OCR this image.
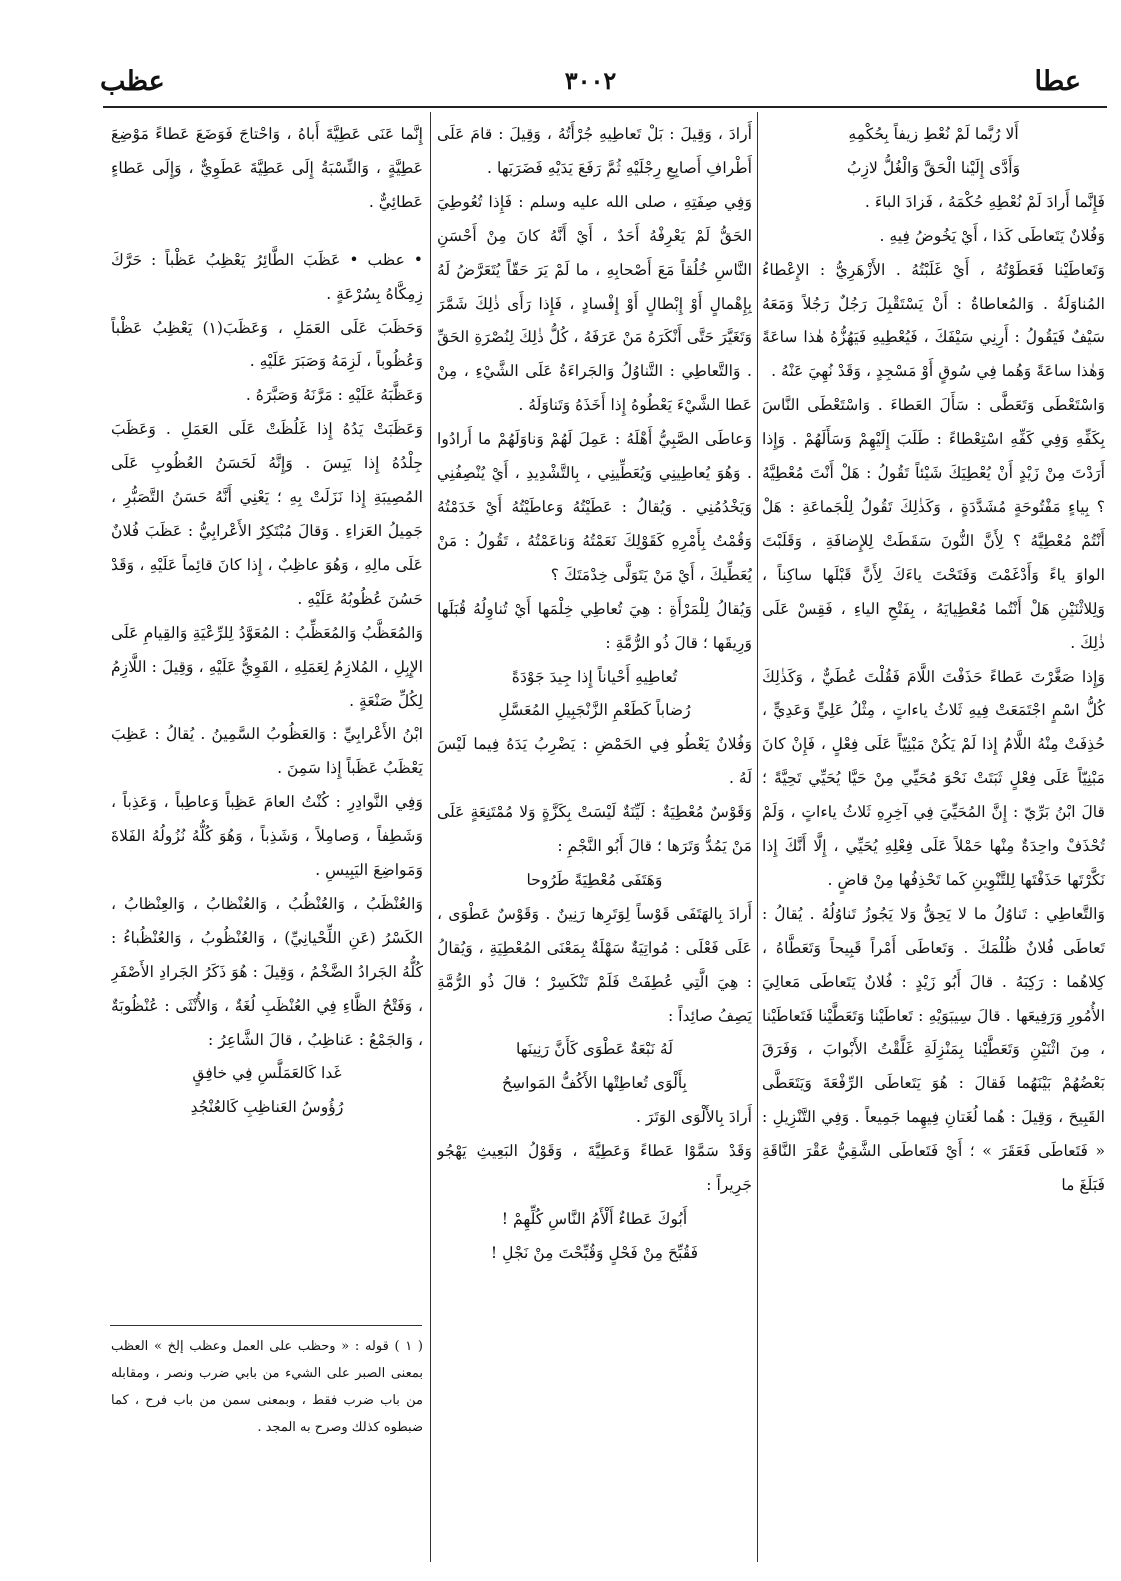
عطا
٣٠٠٢
عظب

أَلا رُبَّما لَمْ نُعْطِ زيفاً بِحُكْمِهِ

وَأَدَّى إِلَيْنا الْحَقَّ وَالْغُلُّ لازِبُ

فَإِنَّما أَرادَ لَمْ نُعْطِهِ حُكْمَهُ ، فَزادَ الباءَ .

وَفُلانٌ يَتَعاطَى كَذا ، أَيْ يَخُوضُ فِيهِ .

وَتَعاطَيْنا فَعَطَوْتُهُ ، أَيْ غَلَبْتُهُ . الأَزْهَرِيُّ : الإِعْطاءُ المُناوَلَةُ . وَالمُعاطاةُ : أَنْ يَسْتَقْبِلَ رَجُلٌ رَجُلاً وَمَعَهُ سَيْفٌ فَيَقُولُ : أَرِنِي سَيْفَكَ ، فَيُعْطِيهِ فَيَهُزُّهُ هٰذا ساعَةً وَهٰذا ساعَةً وَهُما فِي سُوقٍ أَوْ مَسْجِدٍ ، وَقَدْ نُهِيَ عَنْهُ .

وَاسْتَعْطَى وَتَعَطَّى : سَأَلَ العَطاءَ . وَاسْتَعْطَى النَّاسَ بِكَفِّهِ وَفِي كَفِّهِ اسْتِعْطاءً : طَلَبَ إِلَيْهِمْ وَسَأَلَهُمْ . وَإِذا أَرَدْتَ مِنْ زَيْدٍ أَنْ يُعْطِيَكَ شَيْئاً تَقُولُ : هَلْ أَنْتَ مُعْطِيَّهُ ؟ بِياءٍ مَفْتُوحَةٍ مُشَدَّدَةٍ ، وَكَذٰلِكَ تَقُولُ لِلْجَماعَةِ : هَلْ أَنْتُمْ مُعْطِيَّهُ ؟ لِأَنَّ النُّونَ سَقَطَتْ لِلإِضافَةِ ، وَقَلَبْتَ الواوَ ياءً وَأَدْغَمْتَ وَفَتَحْتَ ياءَكَ لِأَنَّ قَبْلَها ساكِناً ، وَلِلاثْنَيْنِ هَلْ أَنْتُما مُعْطِيايَهُ ، بِفَتْحِ الياءِ ، فَقِسْ عَلَى ذٰلِكَ .

وَإِذا صَغَّرْتَ عَطاءً حَذَفْتَ اللَّامَ فَقُلْتَ عُطَيٌّ ، وَكَذٰلِكَ كُلُّ اسْمٍ اجْتَمَعَتْ فِيهِ ثَلاثُ ياءاتٍ ، مِثْلُ عَلِيٍّ وَعَدِيٍّ ، حُذِفَتْ مِنْهُ اللَّامُ إِذا لَمْ يَكُنْ مَبْنِيّاً عَلَى فِعْلٍ ، فَإِنْ كانَ مَبْنِيّاً عَلَى فِعْلٍ ثَبَتَتْ نَحْوَ مُحَيِّي مِنْ حَيَّا يُحَيِّي تَحِيَّةً ؛ قالَ ابْنُ بَرِّيّ : إِنَّ المُحَيِّيَ فِي آخِرِهِ ثَلاثُ ياءاتٍ ، وَلَمْ تُحْذَفْ واحِدَةٌ مِنْها حَمْلاً عَلَى فِعْلِهِ يُحَيِّي ، إِلَّا أَنَّكَ إِذا نَكَّرْتَها حَذَفْتَها لِلتَّنْوِينِ كَما تَحْذِفُها مِنْ قاضٍ .

وَالتَّعاطِي : تَناوُلُ ما لا يَحِقُّ وَلا يَجُوزُ تَناوُلُهُ . يُقالُ : تَعاطَى فُلانٌ ظُلْمَكَ . وَتَعاطَى أَمْراً قَبِيحاً وَتَعَطَّاهُ ، كِلاهُما : رَكِبَهُ . قالَ أَبُو زَيْدٍ : فُلانٌ يَتَعاطَى مَعالِيَ الأُمُورِ وَرَفِيعَها . قالَ سِيبَوَيْهِ : تَعاطَيْنا وَتَعَطَّيْنا فَتَعاطَيْنا ، مِنَ اثْنَيْنِ وَتَعَطَّيْنا بِمَنْزِلَةِ غَلَّقْتُ الأَبْوابَ ، وَفَرَقَ بَعْضُهُمْ بَيْنَهُما فَقالَ : هُوَ يَتَعاطَى الرِّفْعَةَ وَيَتَعَطَّى القَبِيحَ ، وَقِيلَ : هُما لُغَتانِ فِيهِما جَمِيعاً . وَفِي التَّنْزِيلِ : « فَتَعاطَى فَعَقَرَ » ؛ أَيْ فَتَعاطَى الشَّقِيُّ عَقْرَ النَّاقَةِ فَبَلَغَ ما

أَرادَ ، وَقِيلَ : بَلْ تَعاطِيهِ جُرْأَتُهُ ، وَقِيلَ : قامَ عَلَى أَطْرافِ أَصابِعِ رِجْلَيْهِ ثُمَّ رَفَعَ يَدَيْهِ فَضَرَبَها .

وَفِي صِفَتِهِ ، صلى الله عليه وسلم : فَإِذا تُعُوطِيَ الحَقُّ لَمْ يَعْرِفْهُ أَحَدٌ ، أَيْ أَنَّهُ كانَ مِنْ أَحْسَنِ النَّاسِ خُلُقاً مَعَ أَصْحابِهِ ، ما لَمْ يَرَ حَقّاً يُتَعَرَّضُ لَهُ بِإِهْمالٍ أَوْ إِبْطالٍ أَوْ إِفْسادٍ ، فَإِذا رَأَى ذٰلِكَ شَمَّرَ وَتَغَيَّرَ حَتَّى أَنْكَرَهُ مَنْ عَرَفَهُ ، كُلُّ ذٰلِكَ لِنُصْرَةِ الحَقِّ . وَالتَّعاطِي : التَّناوُلُ وَالجَراءَةُ عَلَى الشَّيْءِ ، مِنْ عَطا الشَّيْءَ يَعْطُوهُ إِذا أَخَذَهُ وَتَناوَلَهُ .

وَعاطَى الصَّبِيُّ أَهْلَهُ : عَمِلَ لَهُمْ وَناوَلَهُمْ ما أَرادُوا . وَهُوَ يُعاطِينِي وَيُعَطِّينِي ، بِالتَّشْدِيدِ ، أَيْ يُنْصِفُنِي وَيَخْدُمُنِي . وَيُقالُ : عَطَيْتُهُ وَعاطَيْتُهُ أَيْ خَدَمْتُهُ وَقُمْتُ بِأَمْرِهِ كَقَوْلِكَ نَعَمْتُهُ وَناعَمْتُهُ ، تَقُولُ : مَنْ يُعَطِّيكَ ، أَيْ مَنْ يَتَوَلَّى خِدْمَتَكَ ؟

وَيُقالُ لِلْمَرْأَةِ : هِيَ تُعاطِي خِلْمَها أَيْ تُناوِلُهُ قُبَلَها وَرِيقَها ؛ قالَ ذُو الرُّمَّةِ :

تُعاطِيهِ أَحْياناً إِذا جِيدَ جَوْدَةً

رُضاباً كَطَعْمِ الزَّنْجَبِيلِ المُعَسَّلِ

وَفُلانٌ يَعْطُو فِي الحَمْضِ : يَضْرِبُ يَدَهُ فِيما لَيْسَ لَهُ .

وَقَوْسٌ مُعْطِيَةٌ : لَيِّنَةٌ لَيْسَتْ بِكَزَّةٍ وَلا مُمْتَنِعَةٍ عَلَى مَنْ يَمُدُّ وَتَرَها ؛ قالَ أَبُو النَّجْمِ :

وَهَتَفَى مُعْطِيَةً طَرُوحا

أَرادَ بِالهَتَفَى قَوْساً لِوَتَرِها رَنِينٌ . وَقَوْسٌ عَطْوَى ، عَلَى فَعْلَى : مُواتِيَةٌ سَهْلَةٌ بِمَعْنَى المُعْطِيَةِ ، وَيُقالُ : هِيَ الَّتِي عُطِفَتْ فَلَمْ تَنْكَسِرْ ؛ قالَ ذُو الرُّمَّةِ يَصِفُ صائِداً :

لَهُ نَبْعَةٌ عَطْوَى كَأَنَّ رَنِينَها

بِأَلْوَى تُعاطِتْها الأَكُفُّ المَواسِحُ

أَرادَ بِالأَلْوَى الوَتَرَ .

وَقَدْ سَمَّوْا عَطاءً وَعَطِيَّةَ ، وَقَوْلُ البَعِيثِ يَهْجُو جَرِيراً :

أَبُوكَ عَطاءٌ أَلْأَمُ النَّاسِ كُلِّهِمْ !

فَقُبِّحَ مِنْ فَحْلٍ وَقُبِّحْتَ مِنْ نَجْلِ !

إِنَّما عَنَى عَطِيَّةَ أَباهُ ، وَاحْتاجَ فَوَضَعَ عَطاءً مَوْضِعَ عَطِيَّةٍ ، وَالنِّسْبَةُ إِلَى عَطِيَّةَ عَطَوِيٌّ ، وَإِلَى عَطاءٍ عَطائِيٌّ .

• عظب • عَظَبَ الطَّائِرُ يَعْظِبُ عَظْباً : حَرَّكَ زِمِكَّاهُ بِسُرْعَةٍ .

وَحَظَبَ عَلَى العَمَلِ ، وَعَظَبَ(١) يَعْظِبُ عَظْباً وَعُظُوباً ، لَزِمَهُ وَصَبَرَ عَلَيْهِ .

وَعَظَّبَهُ عَلَيْهِ : مَرَّنَهُ وَصَبَّرَهُ .

وَعَظَبَتْ يَدُهُ إِذا غَلُظَتْ عَلَى العَمَلِ . وَعَظَبَ جِلْدُهُ إِذا يَبِسَ . وَإِنَّهُ لَحَسَنُ العُظُوبِ عَلَى المُصِيبَةِ إِذا نَزَلَتْ بِهِ ؛ يَعْنِي أَنَّهُ حَسَنُ التَّصَبُّرِ ، جَمِيلُ العَزاءِ . وَقالَ مُبْتَكِرٌ الأَعْرابِيُّ : عَظَبَ فُلانٌ عَلَى مالِهِ ، وَهُوَ عاظِبٌ ، إِذا كانَ قائِماً عَلَيْهِ ، وَقَدْ حَسُنَ عُظُوبُهُ عَلَيْهِ .

وَالمُعَظَّبُ وَالمُعَظِّبُ : المُعَوَّدُ لِلرِّعْيَةِ وَالقِيامِ عَلَى الإِبِلِ ، المُلازِمُ لِعَمَلِهِ ، القَوِيُّ عَلَيْهِ ، وَقِيلَ : اللَّازِمُ لِكُلِّ صَنْعَةٍ .

ابْنُ الأَعْرابِيِّ : وَالعَظُوبُ السَّمِينُ . يُقالُ : عَظِبَ يَعْظَبُ عَظَباً إِذا سَمِنَ .

وَفِي النَّوادِرِ : كُنْتُ العامَ عَظِباً وَعاطِباً ، وَعَذِباً ، وَشَطِفاً ، وَصامِلاً ، وَشَذِباً ، وَهُوَ كُلُّهُ نُزُولُهُ الفَلاةَ وَمَواضِعَ اليَبِيسِ .

وَالعُنْظَبُ ، وَالعُنْظُبُ ، وَالعُنْظابُ ، وَالعِنْظابُ ، الكَسْرُ (عَنِ اللِّحْيانِيِّ) ، وَالعُنْظُوبُ ، وَالعُنْظُباءُ : كُلُّهُ الجَرادُ الضَّخْمُ ، وَقِيلَ : هُوَ ذَكَرُ الجَرادِ الأَصْفَرِ ، وَفَتْحُ الظَّاءِ فِي العُنْظَبِ لُغَةٌ ، وَالأُنْثَى : عُنْظُوبَةٌ ، وَالجَمْعُ : عَناظِبُ ، قالَ الشَّاعِرُ :

غَدا كَالعَمَلَّسِ فِي خافِقٍ

رُؤُوسُ العَناظِبِ كَالعُنْجُدِ

( ١ ) قوله : « وحظب على العمل وعظب إلخ » العظب بمعنى الصبر على الشيء من بابي ضرب ونصر ، ومقابله من باب ضرب فقط ، وبمعنى سمن من باب فرح ، كما ضبطوه كذلك وصرح به المجد .
